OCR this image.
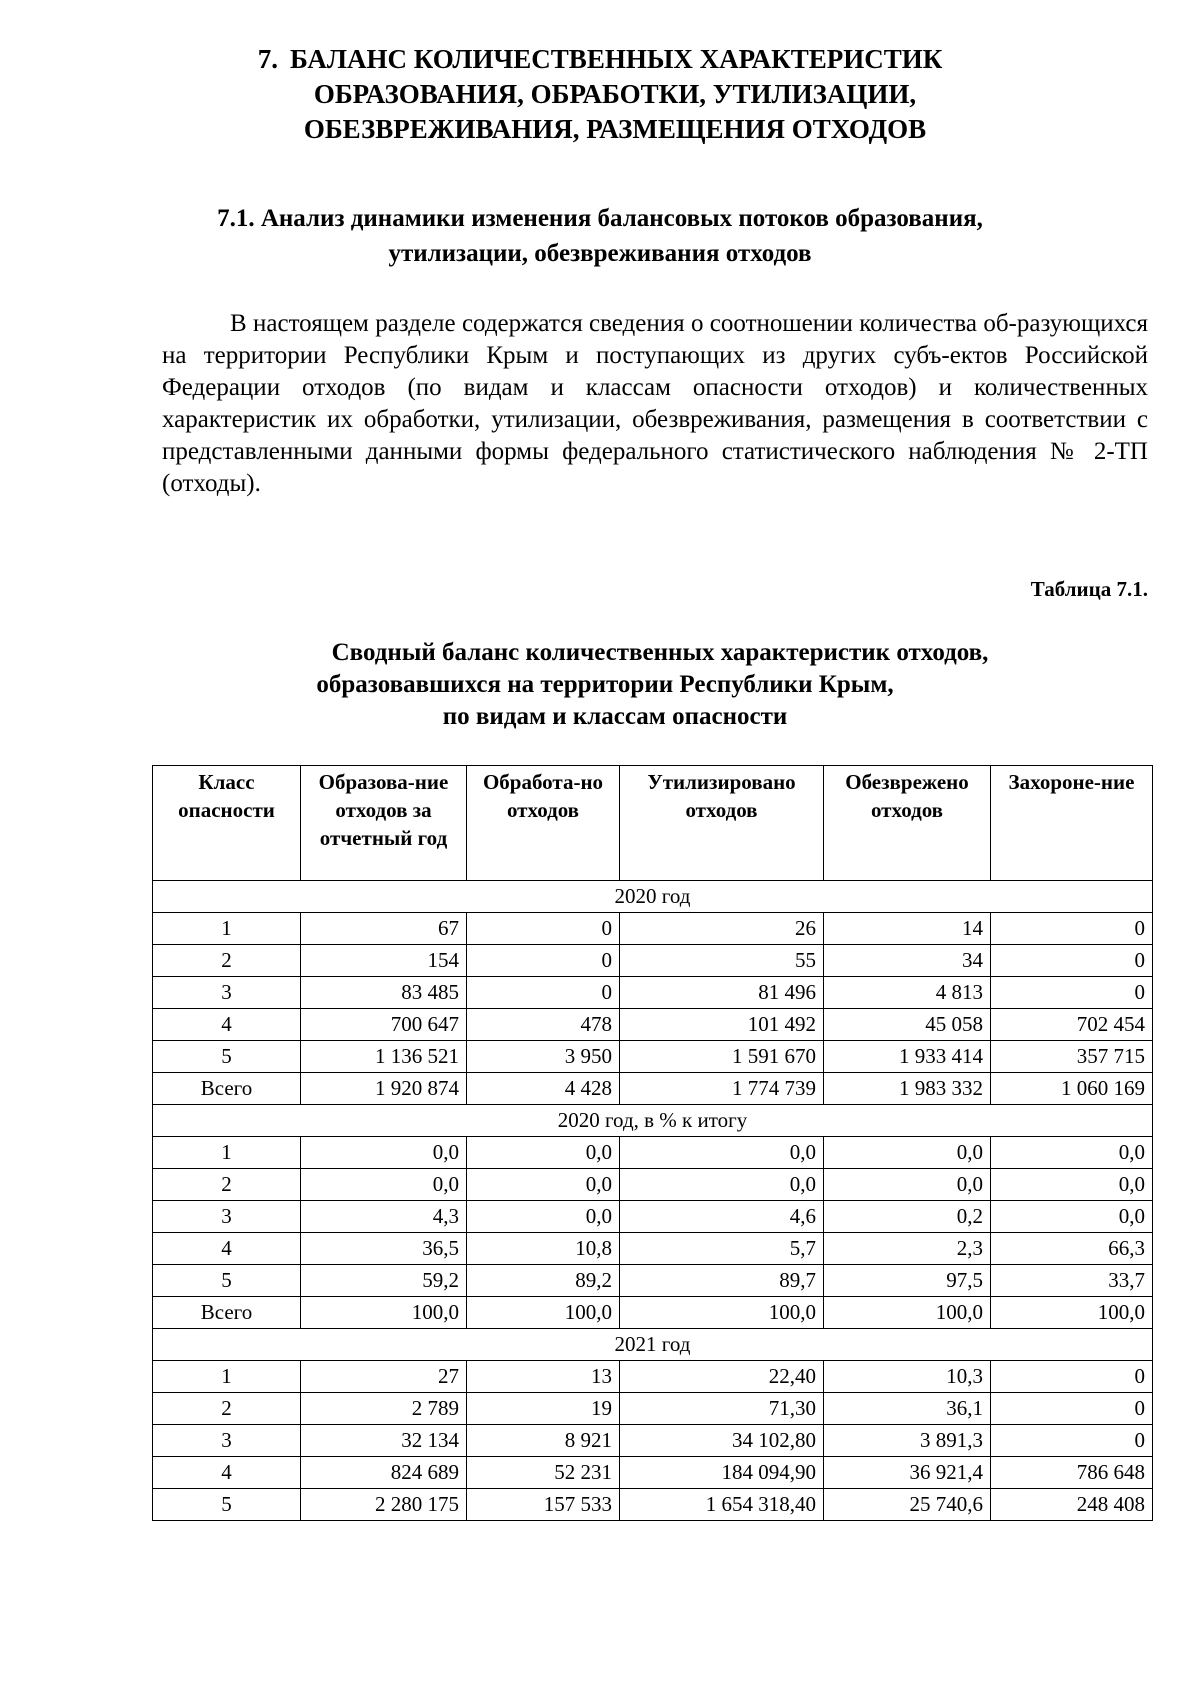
7. БАЛАНС КОЛИЧЕСТВЕННЫХ ХАРАКТЕРИСТИК
ОБРАЗОВАНИЯ, ОБРАБОТКИ, УТИЛИЗАЦИИ,
ОБЕЗВРЕЖИВАНИЯ, РАЗМЕЩЕНИЯ ОТХОДОВ
7.1. Анализ динамики изменения балансовых потоков образования,
утилизации, обезвреживания отходов
В настоящем разделе содержатся сведения о соотношении количества об-разующихся на территории Республики Крым и поступающих из других субъ-ектов Российской Федерации отходов (по видам и классам опасности отходов) и количественных характеристик их обработки, утилизации, обезвреживания, размещения в соответствии с представленными данными формы федерального статистического наблюдения № 2-ТП (отходы).
Таблица 7.1.
Сводный баланс количественных характеристик отходов,
образовавшихся на территории Республики Крым,
по видам и классам опасности
Класс опасности	Образова-ние отходов за отчетный год	Обработа-но отходов	Утилизировано отходов	Обезврежено отходов	Захороне-ние
2020 год					
1	67	0	26	14	0
2	154	0	55	34	0
3	83 485	0	81 496	4 813	0
4	700 647	478	101 492	45 058	702 454
5	1 136 521	3 950	1 591 670	1 933 414	357 715
Всего	1 920 874	4 428	1 774 739	1 983 332	1 060 169
2020 год, в % к итогу					
1	0,0	0,0	0,0	0,0	0,0
2	0,0	0,0	0,0	0,0	0,0
3	4,3	0,0	4,6	0,2	0,0
4	36,5	10,8	5,7	2,3	66,3
5	59,2	89,2	89,7	97,5	33,7
Всего	100,0	100,0	100,0	100,0	100,0
2021 год					
1	27	13	22,40	10,3	0
2	2 789	19	71,30	36,1	0
3	32 134	8 921	34 102,80	3 891,3	0
4	824 689	52 231	184 094,90	36 921,4	786 648
5	2 280 175	157 533	1 654 318,40	25 740,6	248 408
